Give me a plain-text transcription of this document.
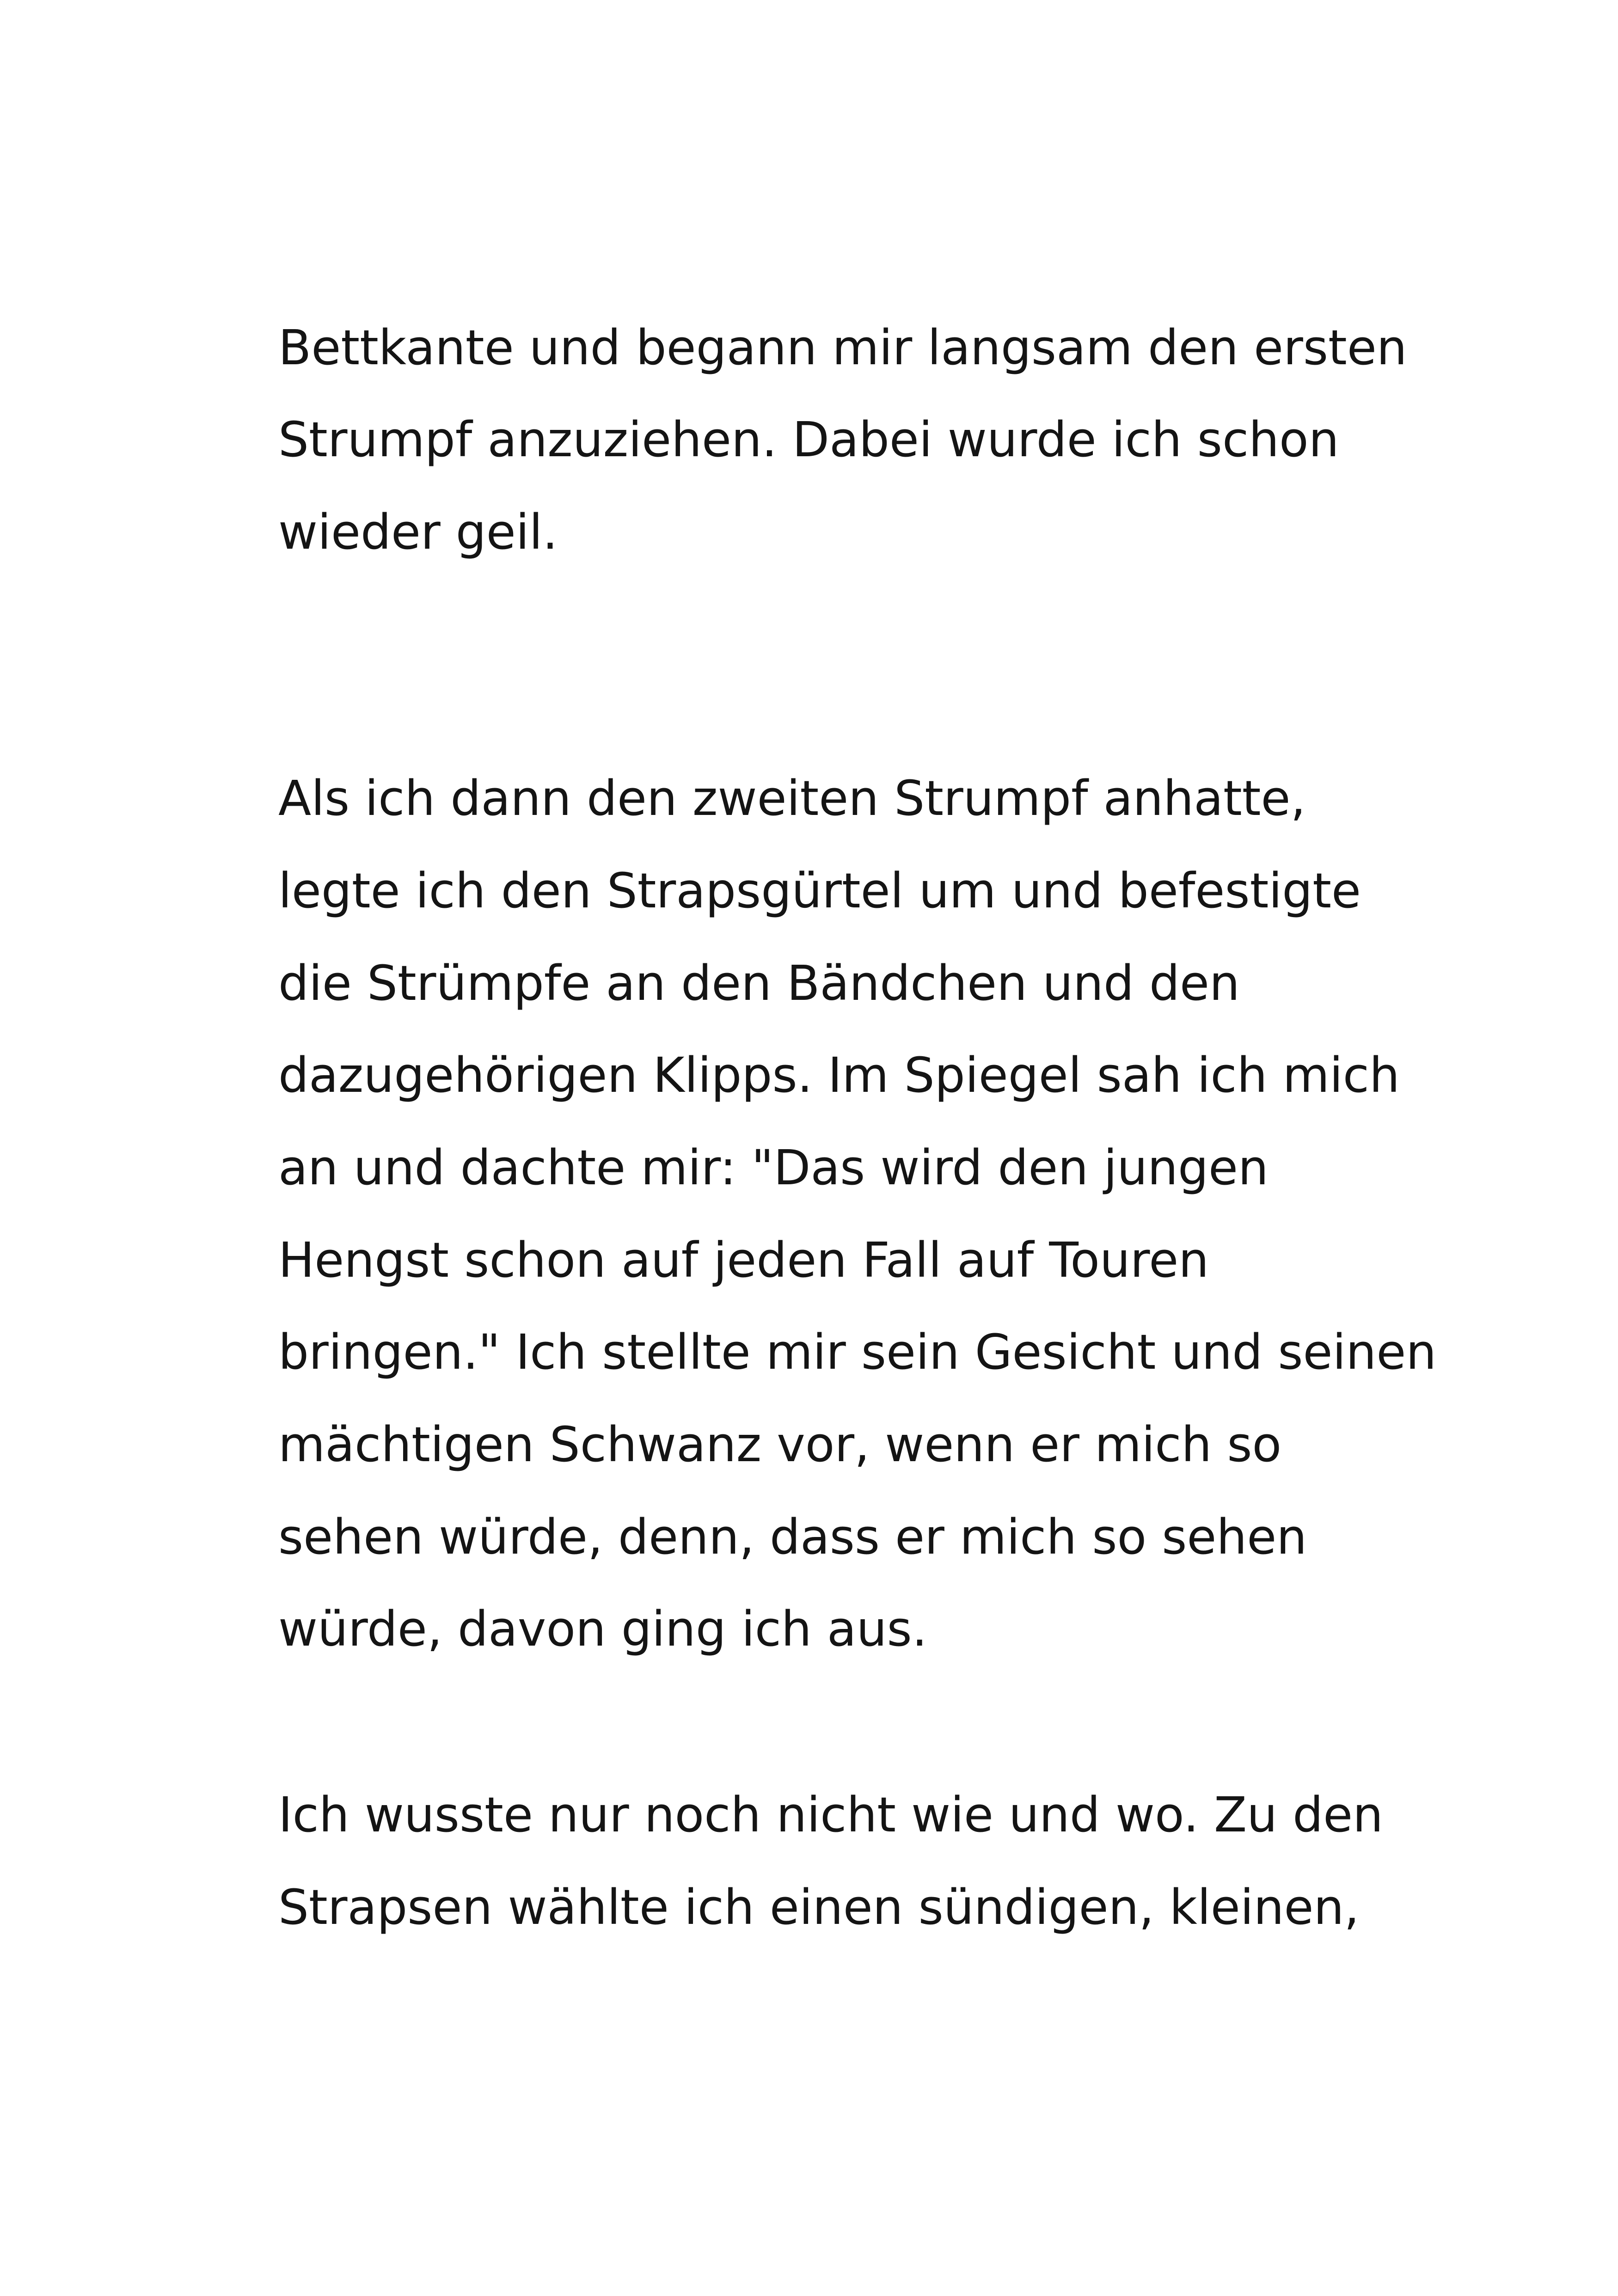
Bettkante und begann mir langsam den ersten

Strumpf anzuziehen. Dabei wurde ich schon

wieder geil.

Als ich dann den zweiten Strumpf anhatte,

legte ich den Strapsgürtel um und befestigte

die Strümpfe an den Bändchen und den

dazugehörigen Klipps. Im Spiegel sah ich mich

an und dachte mir: "Das wird den jungen

Hengst schon auf jeden Fall auf Touren

bringen." Ich stellte mir sein Gesicht und seinen

mächtigen Schwanz vor, wenn er mich so

sehen würde, denn, dass er mich so sehen

würde, davon ging ich aus.

Ich wusste nur noch nicht wie und wo. Zu den

Strapsen wählte ich einen sündigen, kleinen,
